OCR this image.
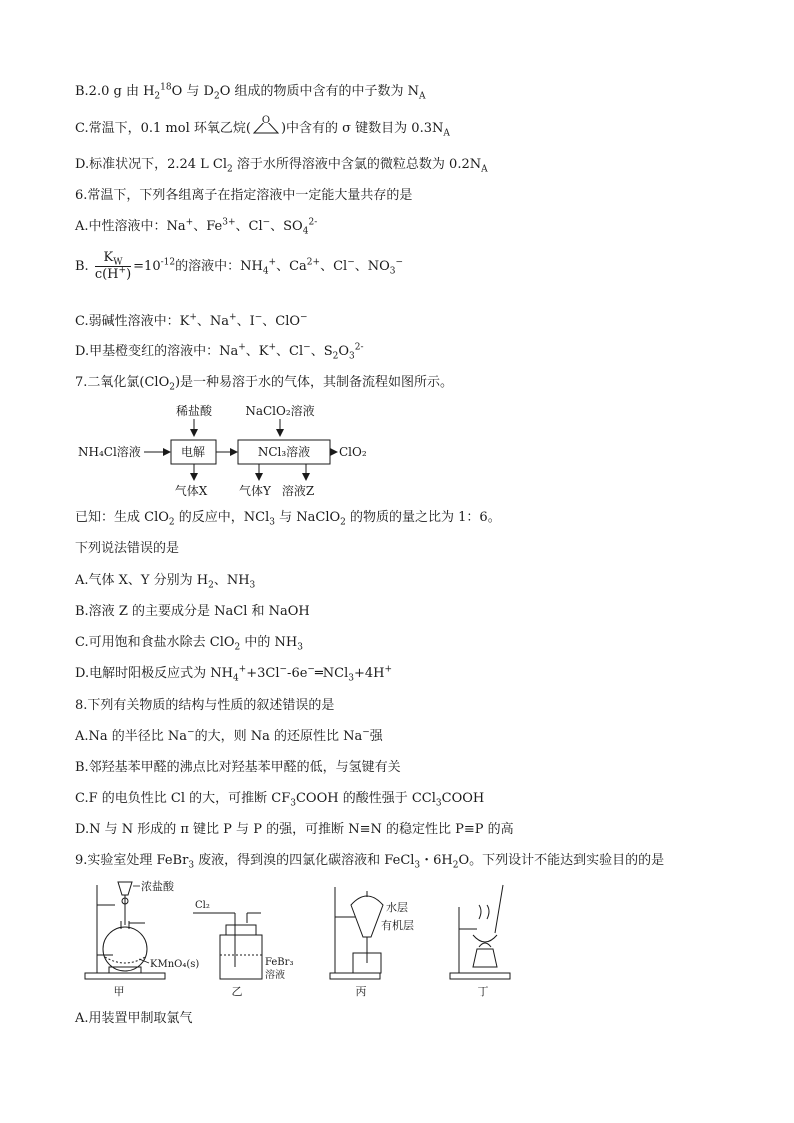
B.2.0 g 由 $H_2^{18}O$ 与 $D_2O$ 组成的物质中含有的中子数为 $N_A$
C.常温下，0.1 mol 环氧乙烷(
O
)中含有的 σ 键数目为 $0.3N_A$
D.标准状况下，2.24 L $Cl_2$ 溶于水所得溶液中含氯的微粒总数为 $0.2N_A$
6.常温下，下列各组离子在指定溶液中一定能大量共存的是
A.中性溶液中：Na+、$Fe^{3+}$、Cl−、$SO_4^{2-}$
B. $\frac{K_W}{c(H^+)} =10^{-12}$的溶液中：$NH_4^+$、$Ca^{2+}$、Cl−、$NO_3^-$
C.弱碱性溶液中：K+、Na+、I−、ClO−
D.甲基橙变红的溶液中：Na+、K+、Cl−、$S_2O_3^{2-}$
7.二氧化氯(ClO$_2$)是一种易溶于水的气体，其制备流程如图所示。
稀盐酸	NaClO₂溶液
NH₄Cl溶液	电解	NCl₃溶液 ClO₂
气体X	气体Y 溶液Z
已知：生成 ClO$_2$ 的反应中，NCl$_3$ 与 NaClO$_2$ 的物质的量之比为 1：6。
下列说法错误的是
A.气体 X、Y 分别为 $H_2$、$NH_3$
B.溶液 Z 的主要成分是 NaCl 和 NaOH
C.可用饱和食盐水除去 ClO$_2$ 中的 $NH_3$
D.电解时阳极反应式为 $NH_4^++3Cl^--6e^-═NCl_3+4H^+$
8.下列有关物质的结构与性质的叙述错误的是
A.Na 的半径比 Na−的大，则 Na 的还原性比 Na−强
B.邻羟基苯甲醛的沸点比对羟基苯甲醛的低，与氢键有关
C.F 的电负性比 Cl 的大，可推断 $CF_3COOH$ 的酸性强于 CCl$_3$COOH
D.N 与 N 形成的 π 键比 P 与 P 的强，可推断 N≡N 的稳定性比 P≡P 的高
9.实验室处理 FeBr$_3$ 废液，得到溴的四氯化碳溶液和 FeCl$_3$・$6H_2O$。下列设计不能达到实验目的的是
浓盐酸
KMnO₄(s)
甲
Cl₂
FeBr₃
溶液
乙
水层
有机层
丙	丁
A.用装置甲制取氯气
